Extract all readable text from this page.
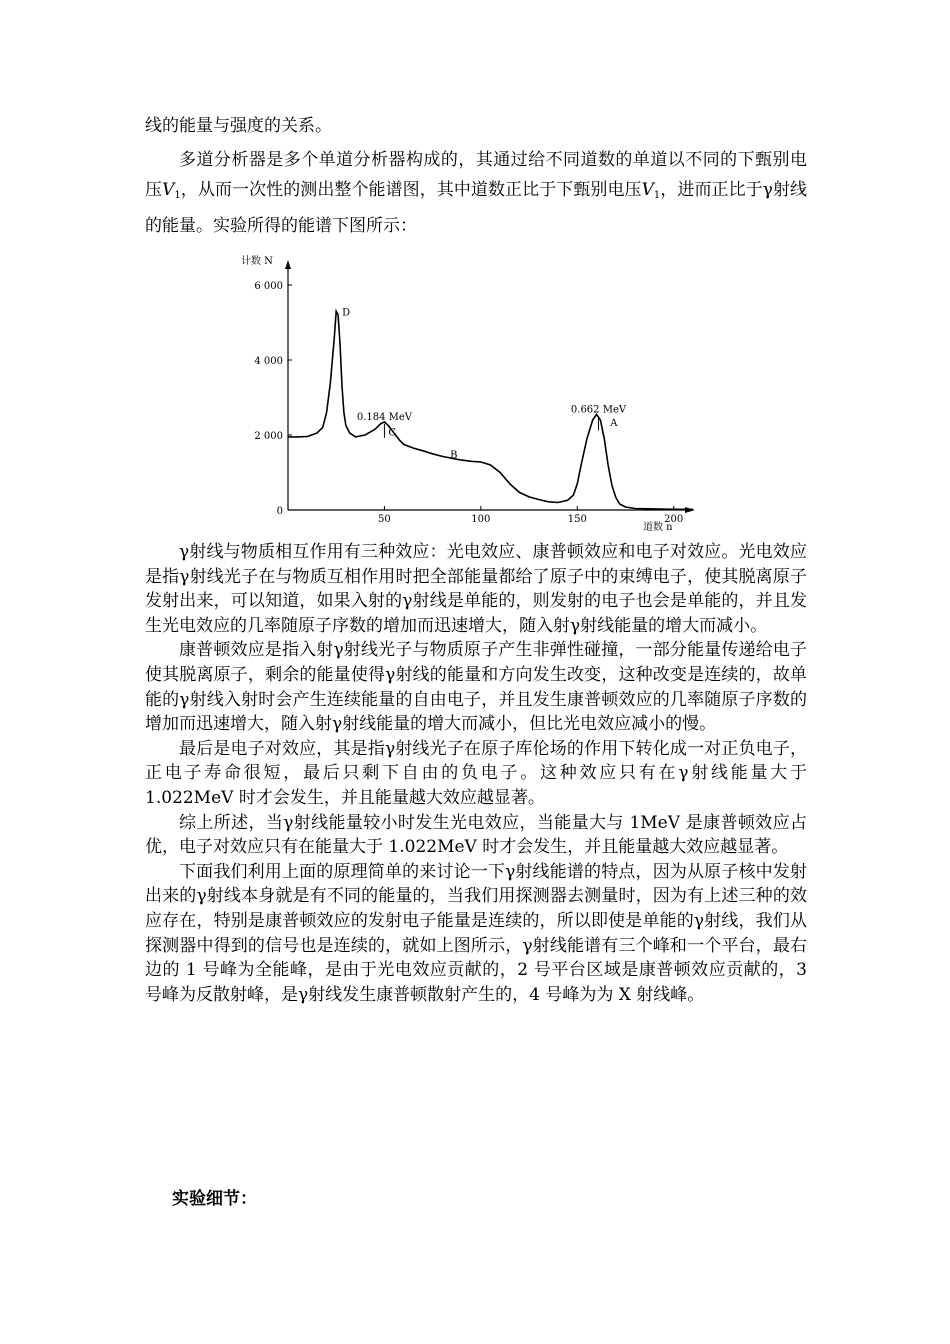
线的能量与强度的关系。

多道分析器是多个单道分析器构成的，其通过给不同道数的单道以不同的下甄别电压$V_1$，从而一次性的测出整个能谱图，其中道数正比于下甄别电压$V_1$，进而正比于γ射线的能量。实验所得的能谱下图所示：

50	100	150	200
0
2 000
4 000
6 000
D
0.184 MeV
C
B
0.662 MeV
A
计数 N
道数 n

γ射线与物质相互作用有三种效应：光电效应、康普顿效应和电子对效应。光电效应是指γ射线光子在与物质互相作用时把全部能量都给了原子中的束缚电子，使其脱离原子发射出来，可以知道，如果入射的γ射线是单能的，则发射的电子也会是单能的，并且发生光电效应的几率随原子序数的增加而迅速增大，随入射γ射线能量的增大而减小。

康普顿效应是指入射γ射线光子与物质原子产生非弹性碰撞，一部分能量传递给电子使其脱离原子，剩余的能量使得γ射线的能量和方向发生改变，这种改变是连续的，故单能的γ射线入射时会产生连续能量的自由电子，并且发生康普顿效应的几率随原子序数的增加而迅速增大，随入射γ射线能量的增大而减小，但比光电效应减小的慢。

最后是电子对效应，其是指γ射线光子在原子库伦场的作用下转化成一对正负电子，正电子寿命很短，最后只剩下自由的负电子。这种效应只有在γ射线能量大于 1.022MeV 时才会发生，并且能量越大效应越显著。

综上所述，当γ射线能量较小时发生光电效应，当能量大与 1MeV 是康普顿效应占优，电子对效应只有在能量大于 1.022MeV 时才会发生，并且能量越大效应越显著。

下面我们利用上面的原理简单的来讨论一下γ射线能谱的特点，因为从原子核中发射出来的γ射线本身就是有不同的能量的，当我们用探测器去测量时，因为有上述三种的效应存在，特别是康普顿效应的发射电子能量是连续的，所以即使是单能的γ射线，我们从探测器中得到的信号也是连续的，就如上图所示，γ射线能谱有三个峰和一个平台，最右边的 1 号峰为全能峰，是由于光电效应贡献的，2 号平台区域是康普顿效应贡献的，3 号峰为反散射峰，是γ射线发生康普顿散射产生的，4 号峰为为 X 射线峰。

实验细节：
